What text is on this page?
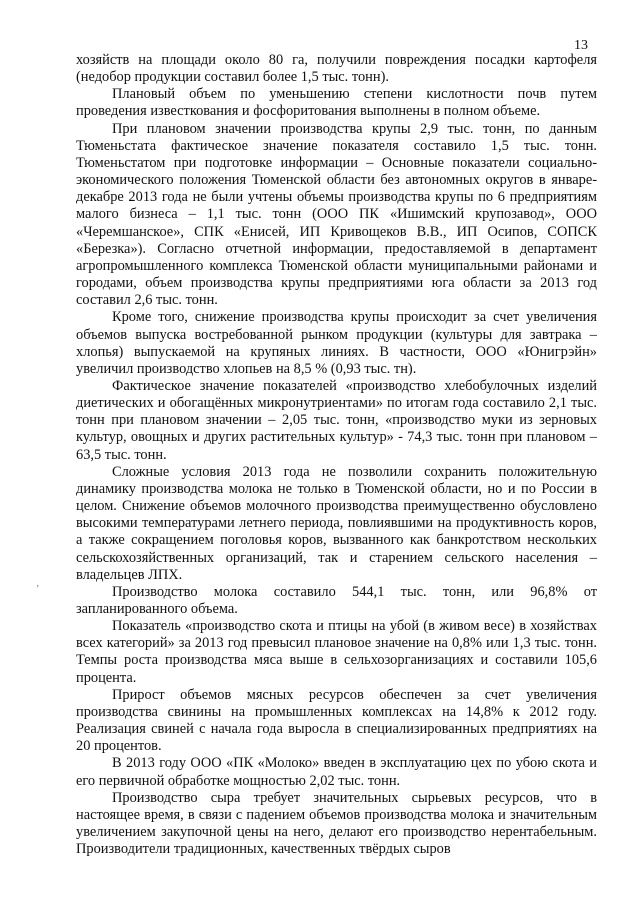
13
‚

хозяйств на площади около 80 га, получили повреждения посадки картофеля (недобор продукции составил более 1,5 тыс. тонн).

Плановый объем по уменьшению степени кислотности почв путем проведения известкования и фосфоритования выполнены в полном объеме.

При плановом значении производства крупы 2,9 тыс. тонн, по данным Тюменьстата фактическое значение показателя составило 1,5 тыс. тонн. Тюменьстатом при подготовке информации – Основные показатели социально-экономического положения Тюменской области без автономных округов в январе-декабре 2013 года не были учтены объемы производства крупы по 6 предприятиям малого бизнеса – 1,1 тыс. тонн (ООО ПК «Ишимский крупозавод», ООО «Черемшанское», СПК «Енисей, ИП Кривощеков В.В., ИП Осипов, СОПСК «Березка»). Согласно отчетной информации, предоставляемой в департамент агропромышленного комплекса Тюменской области муниципальными районами и городами, объем производства крупы предприятиями юга области за 2013 год составил 2,6 тыс. тонн.

Кроме того, снижение производства крупы происходит за счет увеличения объемов выпуска востребованной рынком продукции (культуры для завтрака – хлопья) выпускаемой на крупяных линиях. В частности, ООО «Юнигрэйн» увеличил производство хлопьев на 8,5 % (0,93 тыс. тн).

Фактическое значение показателей «производство хлебобулочных изделий диетических и обогащённых микронутриентами» по итогам года составило 2,1 тыс. тонн при плановом значении – 2,05 тыс. тонн, «производство муки из зерновых культур, овощных и других растительных культур» - 74,3 тыс. тонн при плановом – 63,5 тыс. тонн.

Сложные условия 2013 года не позволили сохранить положительную динамику производства молока не только в Тюменской области, но и по России в целом. Снижение объемов молочного производства преимущественно обусловлено высокими температурами летнего периода, повлиявшими на продуктивность коров, а также сокращением поголовья коров, вызванного как банкротством нескольких сельскохозяйственных организаций, так и старением сельского населения – владельцев ЛПХ.

Производство молока составило 544,1 тыс. тонн, или 96,8% от запланированного объема.

Показатель «производство скота и птицы на убой (в живом весе) в хозяйствах всех категорий» за 2013 год превысил плановое значение на 0,8% или 1,3 тыс. тонн. Темпы роста производства мяса выше в сельхозорганизациях и составили 105,6 процента.

Прирост объемов мясных ресурсов обеспечен за счет увеличения производства свинины на промышленных комплексах на 14,8% к 2012 году. Реализация свиней с начала года выросла в специализированных предприятиях на 20 процентов.

В 2013 году ООО «ПК «Молоко» введен в эксплуатацию цех по убою скота и его первичной обработке мощностью 2,02 тыс. тонн.

Производство сыра требует значительных сырьевых ресурсов, что в настоящее время, в связи с падением объемов производства молока и значительным увеличением закупочной цены на него, делают его производство нерентабельным. Производители традиционных, качественных твёрдых сыров
